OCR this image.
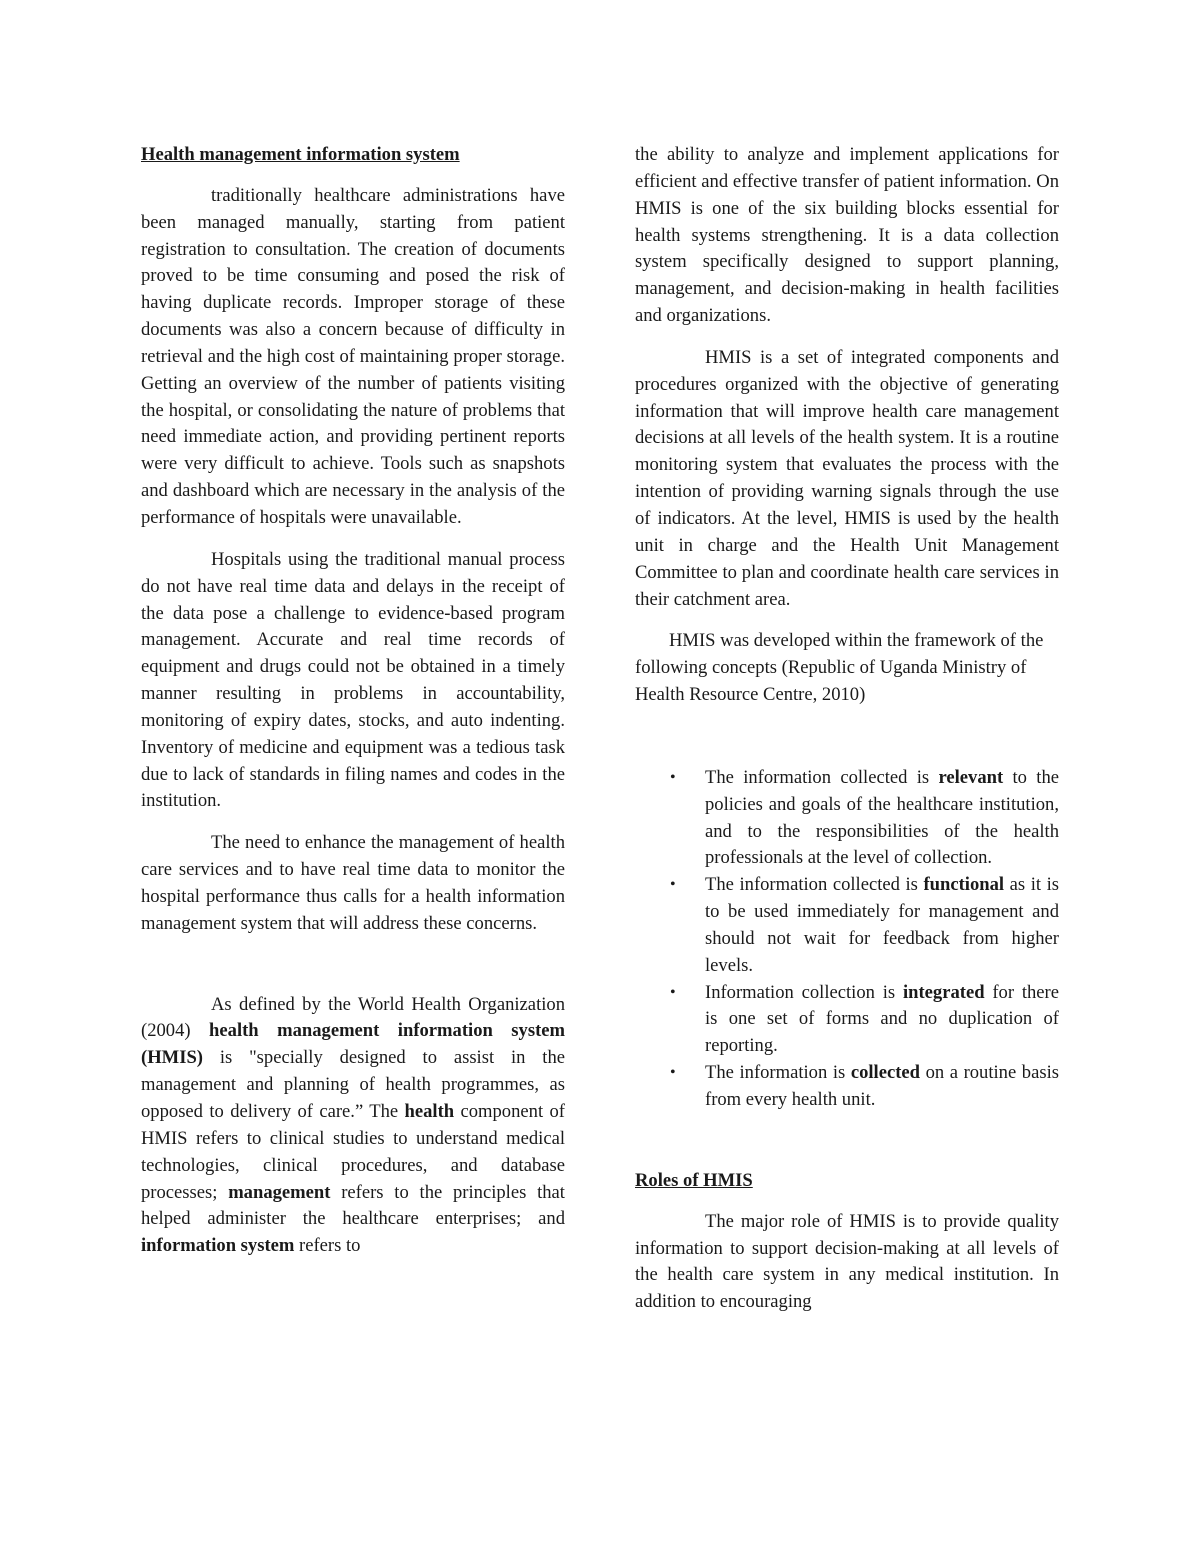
Health management information system

traditionally healthcare administrations have been managed manually, starting from patient registration to consultation. The creation of documents proved to be time consuming and posed the risk of having duplicate records. Improper storage of these documents was also a concern because of difficulty in retrieval and the high cost of maintaining proper storage. Getting an overview of the number of patients visiting the hospital, or consolidating the nature of problems that need immediate action, and providing pertinent reports were very difficult to achieve. Tools such as snapshots and dashboard which are necessary in the analysis of the performance of hospitals were unavailable.

Hospitals using the traditional manual process do not have real time data and delays in the receipt of the data pose a challenge to evidence-based program management. Accurate and real time records of equipment and drugs could not be obtained in a timely manner resulting in problems in accountability, monitoring of expiry dates, stocks, and auto indenting. Inventory of medicine and equipment was a tedious task due to lack of standards in filing names and codes in the institution.

The need to enhance the management of health care services and to have real time data to monitor the hospital performance thus calls for a health information management system that will address these concerns.

As defined by the World Health Organization (2004) health management information system (HMIS) is "specially designed to assist in the management and planning of health programmes, as opposed to delivery of care.” The health component of HMIS refers to clinical studies to understand medical technologies, clinical procedures, and database processes; management refers to the principles that helped administer the healthcare enterprises; and information system refers to

the ability to analyze and implement applications for efficient and effective transfer of patient information. On HMIS is one of the six building blocks essential for health systems strengthening. It is a data collection system specifically designed to support planning, management, and decision-making in health facilities and organizations.

HMIS is a set of integrated components and procedures organized with the objective of generating information that will improve health care management decisions at all levels of the health system. It is a routine monitoring system that evaluates the process with the intention of providing warning signals through the use of indicators. At the level, HMIS is used by the health unit in charge and the Health Unit Management Committee to plan and coordinate health care services in their catchment area.

HMIS was developed within the framework of the following concepts (Republic of Uganda Ministry of Health Resource Centre, 2010)

• The information collected is relevant to the policies and goals of the healthcare institution, and to the responsibilities of the health professionals at the level of collection.
• The information collected is functional as it is to be used immediately for management and should not wait for feedback from higher levels.
• Information collection is integrated for there is one set of forms and no duplication of reporting.
• The information is collected on a routine basis from every health unit.

Roles of HMIS

The major role of HMIS is to provide quality information to support decision-making at all levels of the health care system in any medical institution. In addition to encouraging
